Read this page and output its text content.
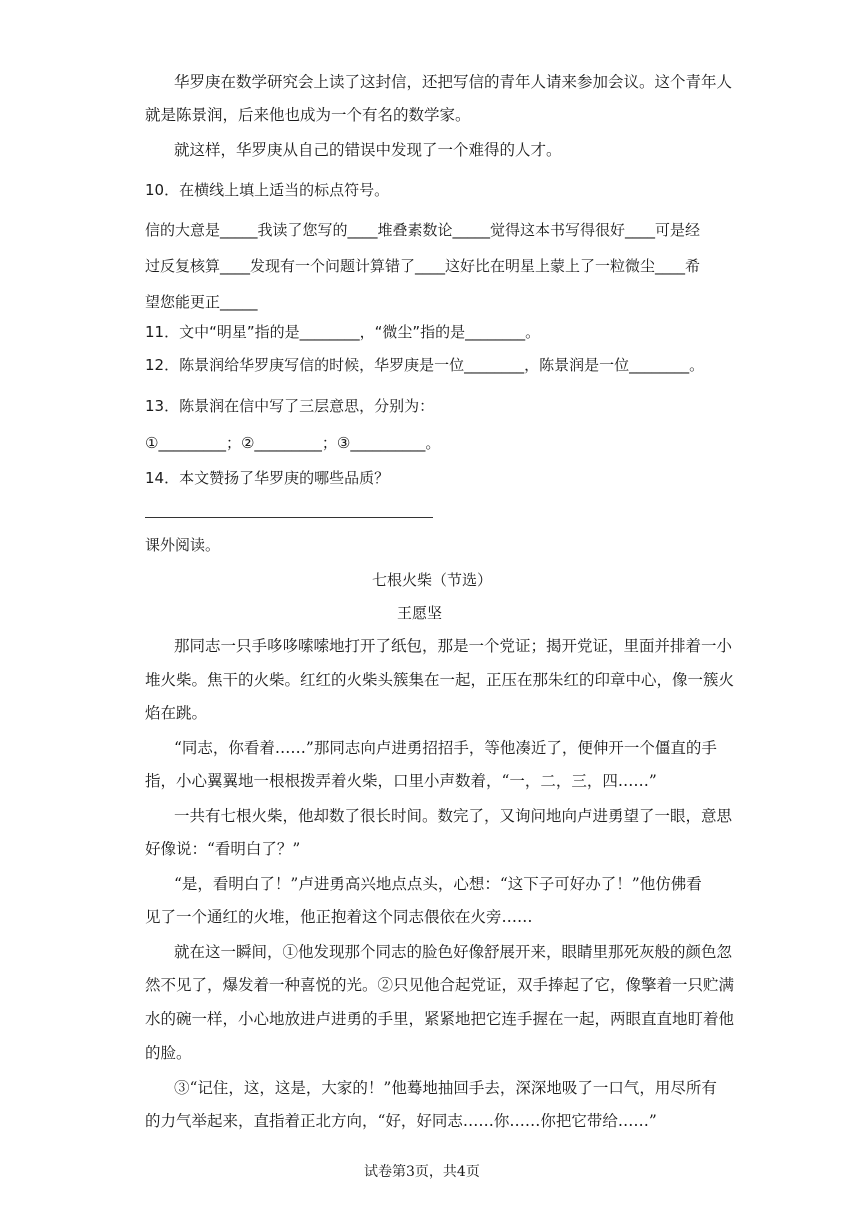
华罗庚在数学研究会上读了这封信，还把写信的青年人请来参加会议。这个青年人
就是陈景润，后来他也成为一个有名的数学家。
就这样，华罗庚从自己的错误中发现了一个难得的人才。
10．在横线上填上适当的标点符号。
信的大意是_____我读了您写的____堆叠素数论_____觉得这本书写得很好____可是经
过反复核算____发现有一个问题计算错了____这好比在明星上蒙上了一粒微尘____希
望您能更正_____
11．文中“明星”指的是________，“微尘”指的是________。
12．陈景润给华罗庚写信的时候，华罗庚是一位________，陈景润是一位________。
13．陈景润在信中写了三层意思，分别为：
①_________；②_________；③__________。
14．本文赞扬了华罗庚的哪些品质？
课外阅读。
七根火柴（节选）
王愿坚
那同志一只手哆哆嗦嗦地打开了纸包，那是一个党证；揭开党证，里面并排着一小
堆火柴。焦干的火柴。红红的火柴头簇集在一起，正压在那朱红的印章中心，像一簇火
焰在跳。
“同志，你看着……”那同志向卢进勇招招手，等他凑近了，便伸开一个僵直的手
指，小心翼翼地一根根拨弄着火柴，口里小声数着，“一，二，三，四……”
一共有七根火柴，他却数了很长时间。数完了，又询问地向卢进勇望了一眼，意思
好像说：“看明白了？”
“是，看明白了！”卢进勇高兴地点点头，心想：“这下子可好办了！”他仿佛看
见了一个通红的火堆，他正抱着这个同志偎依在火旁……
就在这一瞬间，①他发现那个同志的脸色好像舒展开来，眼睛里那死灰般的颜色忽
然不见了，爆发着一种喜悦的光。②只见他合起党证，双手捧起了它，像擎着一只贮满
水的碗一样，小心地放进卢进勇的手里，紧紧地把它连手握在一起，两眼直直地盯着他
的脸。
③“记住，这，这是，大家的！”他蓦地抽回手去，深深地吸了一口气，用尽所有
的力气举起来，直指着正北方向，“好，好同志……你……你把它带给……”
试卷第3页，共4页
